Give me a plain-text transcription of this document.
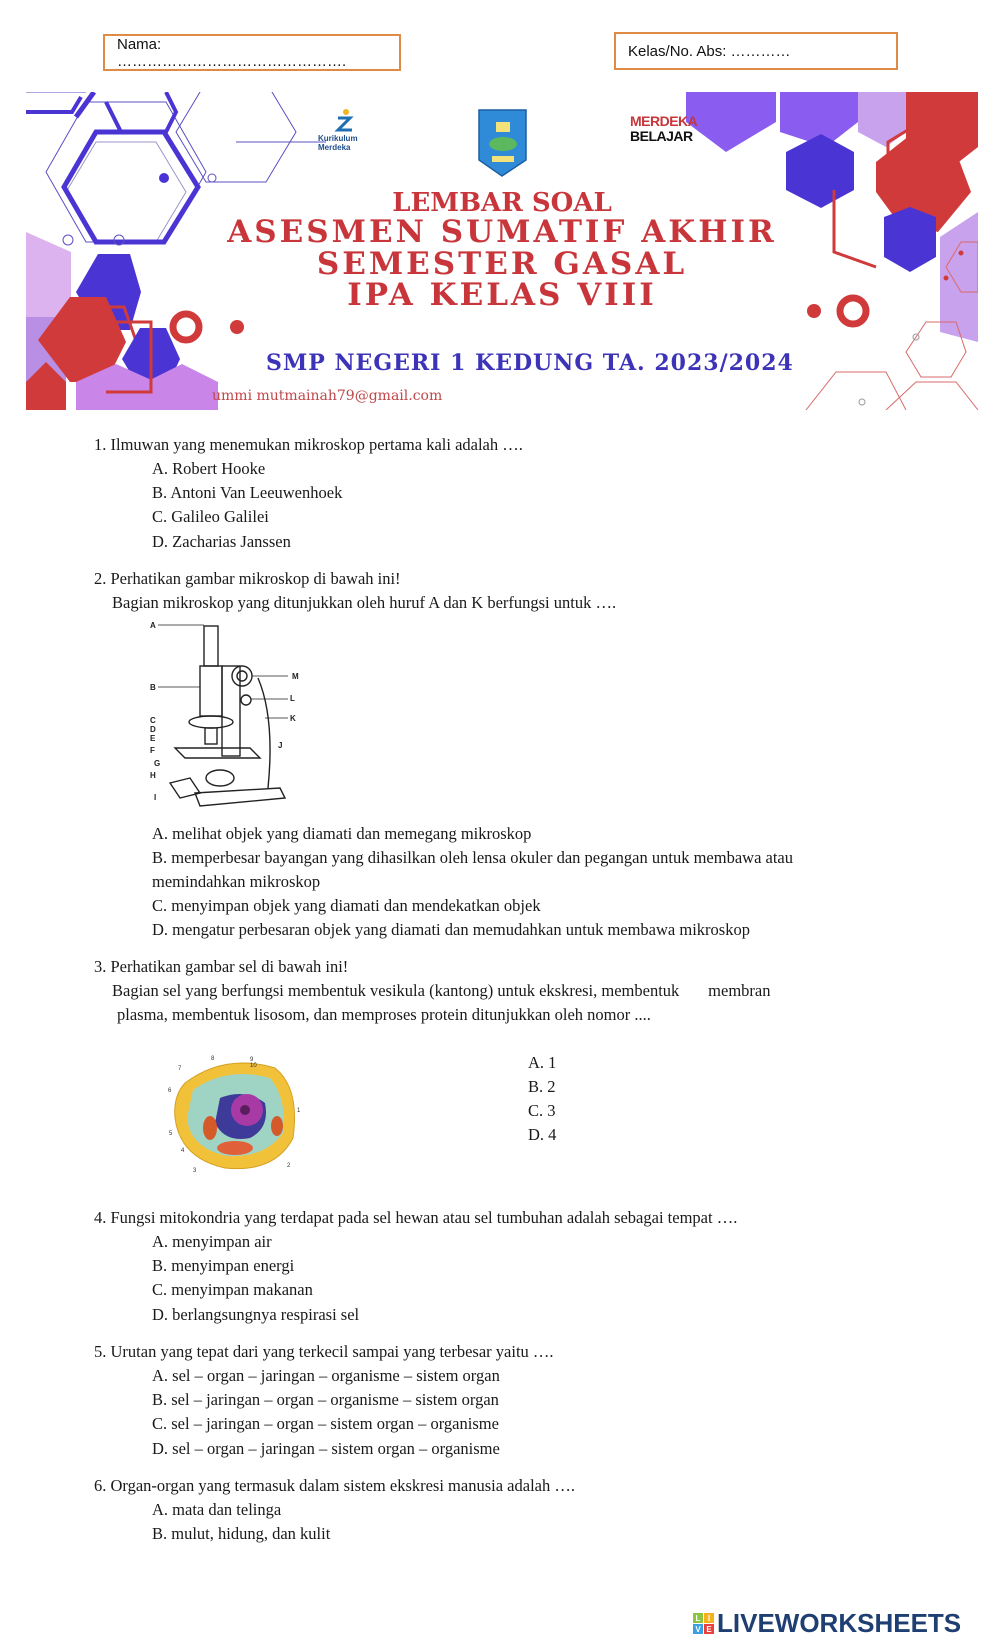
Nama: ……………………………………….
Kelas/No. Abs: …………
Kurikulum
Merdeka
MERDEKA
BELAJAR
LEMBAR SOAL
ASESMEN SUMATIF AKHIR
SEMESTER GASAL
IPA KELAS VIII
SMP NEGERI 1 KEDUNG TA. 2023/2024
ummi mutmainah79@gmail.com
1. Ilmuwan yang menemukan mikroskop pertama kali adalah ….
A. Robert Hooke
B. Antoni Van Leeuwenhoek
C. Galileo Galilei
D. Zacharias Janssen
2. Perhatikan gambar mikroskop di bawah ini!
Bagian mikroskop yang ditunjukkan oleh huruf A dan K berfungsi untuk ….
A
B
C
D
E
F
G
H
I
J
K
L
M
A. melihat objek yang diamati dan memegang mikroskop
B. memperbesar bayangan yang dihasilkan oleh lensa okuler dan pegangan untuk membawa atau
memindahkan mikroskop
C. menyimpan objek yang diamati dan mendekatkan objek
D. mengatur perbesaran objek yang diamati dan memudahkan untuk membawa mikroskop
3. Perhatikan gambar sel di bawah ini!
Bagian sel yang berfungsi membentuk vesikula (kantong) untuk ekskresi, membentuk       membran
plasma, membentuk lisosom, dan memproses protein ditunjukkan oleh nomor ....
7
6
5
4
3
8	9 10
1
2
A. 1
B. 2
C. 3
D. 4
4. Fungsi mitokondria yang terdapat pada sel hewan atau sel tumbuhan adalah sebagai tempat ….
A. menyimpan air
B. menyimpan energi
C. menyimpan makanan
D. berlangsungnya respirasi sel
5. Urutan yang tepat dari yang terkecil sampai yang terbesar yaitu ….
A. sel – organ – jaringan – organisme – sistem organ
B. sel – jaringan – organ – organisme – sistem organ
C. sel – jaringan – organ – sistem organ – organisme
D. sel – organ – jaringan – sistem organ – organisme
6. Organ-organ yang termasuk dalam sistem ekskresi manusia adalah ….
A. mata dan telinga
B. mulut, hidung, dan kulit
L I
V E LIVEWORKSHEETS
